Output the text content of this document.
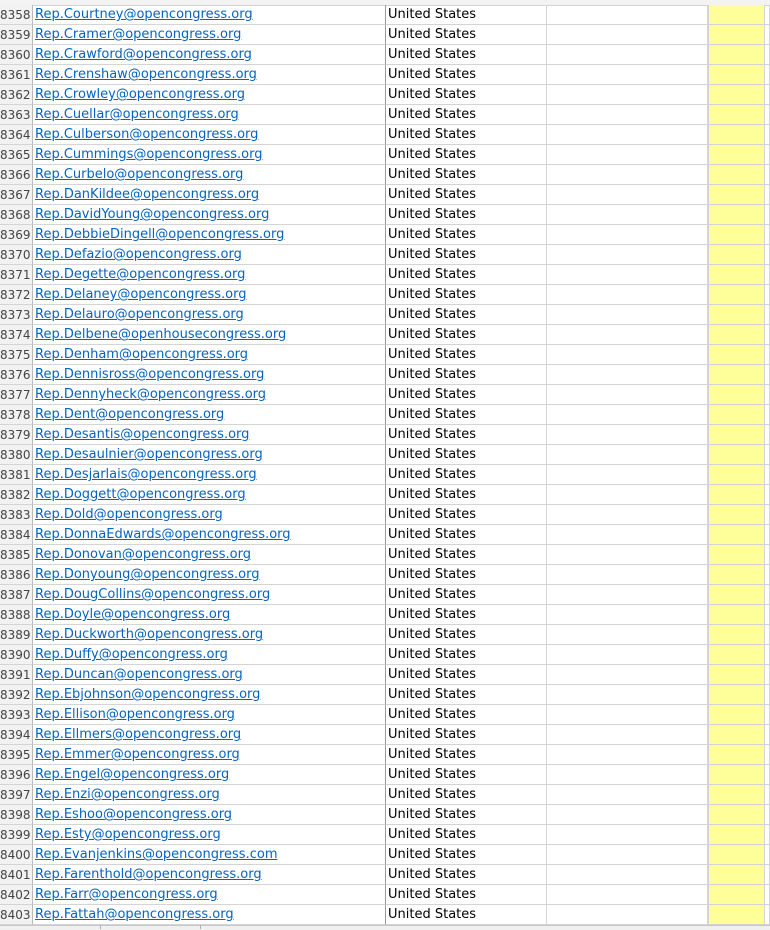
8358 Rep.Courtney@opencongress.org	United States
8359 Rep.Cramer@opencongress.org	United States
8360 Rep.Crawford@opencongress.org	United States
8361 Rep.Crenshaw@opencongress.org	United States
8362 Rep.Crowley@opencongress.org	United States
8363 Rep.Cuellar@opencongress.org	United States
8364 Rep.Culberson@opencongress.org	United States
8365 Rep.Cummings@opencongress.org	United States
8366 Rep.Curbelo@opencongress.org	United States
8367 Rep.DanKildee@opencongress.org	United States
8368 Rep.DavidYoung@opencongress.org	United States
8369 Rep.DebbieDingell@opencongress.org	United States
8370 Rep.Defazio@opencongress.org	United States
8371 Rep.Degette@opencongress.org	United States
8372 Rep.Delaney@opencongress.org	United States
8373 Rep.Delauro@opencongress.org	United States
8374 Rep.Delbene@openhousecongress.org	United States
8375 Rep.Denham@opencongress.org	United States
8376 Rep.Dennisross@opencongress.org	United States
8377 Rep.Dennyheck@opencongress.org	United States
8378 Rep.Dent@opencongress.org	United States
8379 Rep.Desantis@opencongress.org	United States
8380 Rep.Desaulnier@opencongress.org	United States
8381 Rep.Desjarlais@opencongress.org	United States
8382 Rep.Doggett@opencongress.org	United States
8383 Rep.Dold@opencongress.org	United States
8384 Rep.DonnaEdwards@opencongress.org	United States
8385 Rep.Donovan@opencongress.org	United States
8386 Rep.Donyoung@opencongress.org	United States
8387 Rep.DougCollins@opencongress.org	United States
8388 Rep.Doyle@opencongress.org	United States
8389 Rep.Duckworth@opencongress.org	United States
8390 Rep.Duffy@opencongress.org	United States
8391 Rep.Duncan@opencongress.org	United States
8392 Rep.Ebjohnson@opencongress.org	United States
8393 Rep.Ellison@opencongress.org	United States
8394 Rep.Ellmers@opencongress.org	United States
8395 Rep.Emmer@opencongress.org	United States
8396 Rep.Engel@opencongress.org	United States
8397 Rep.Enzi@opencongress.org	United States
8398 Rep.Eshoo@opencongress.org	United States
8399 Rep.Esty@opencongress.org	United States
8400 Rep.Evanjenkins@opencongress.com	United States
8401 Rep.Farenthold@opencongress.org	United States
8402 Rep.Farr@opencongress.org	United States
8403 Rep.Fattah@opencongress.org	United States
